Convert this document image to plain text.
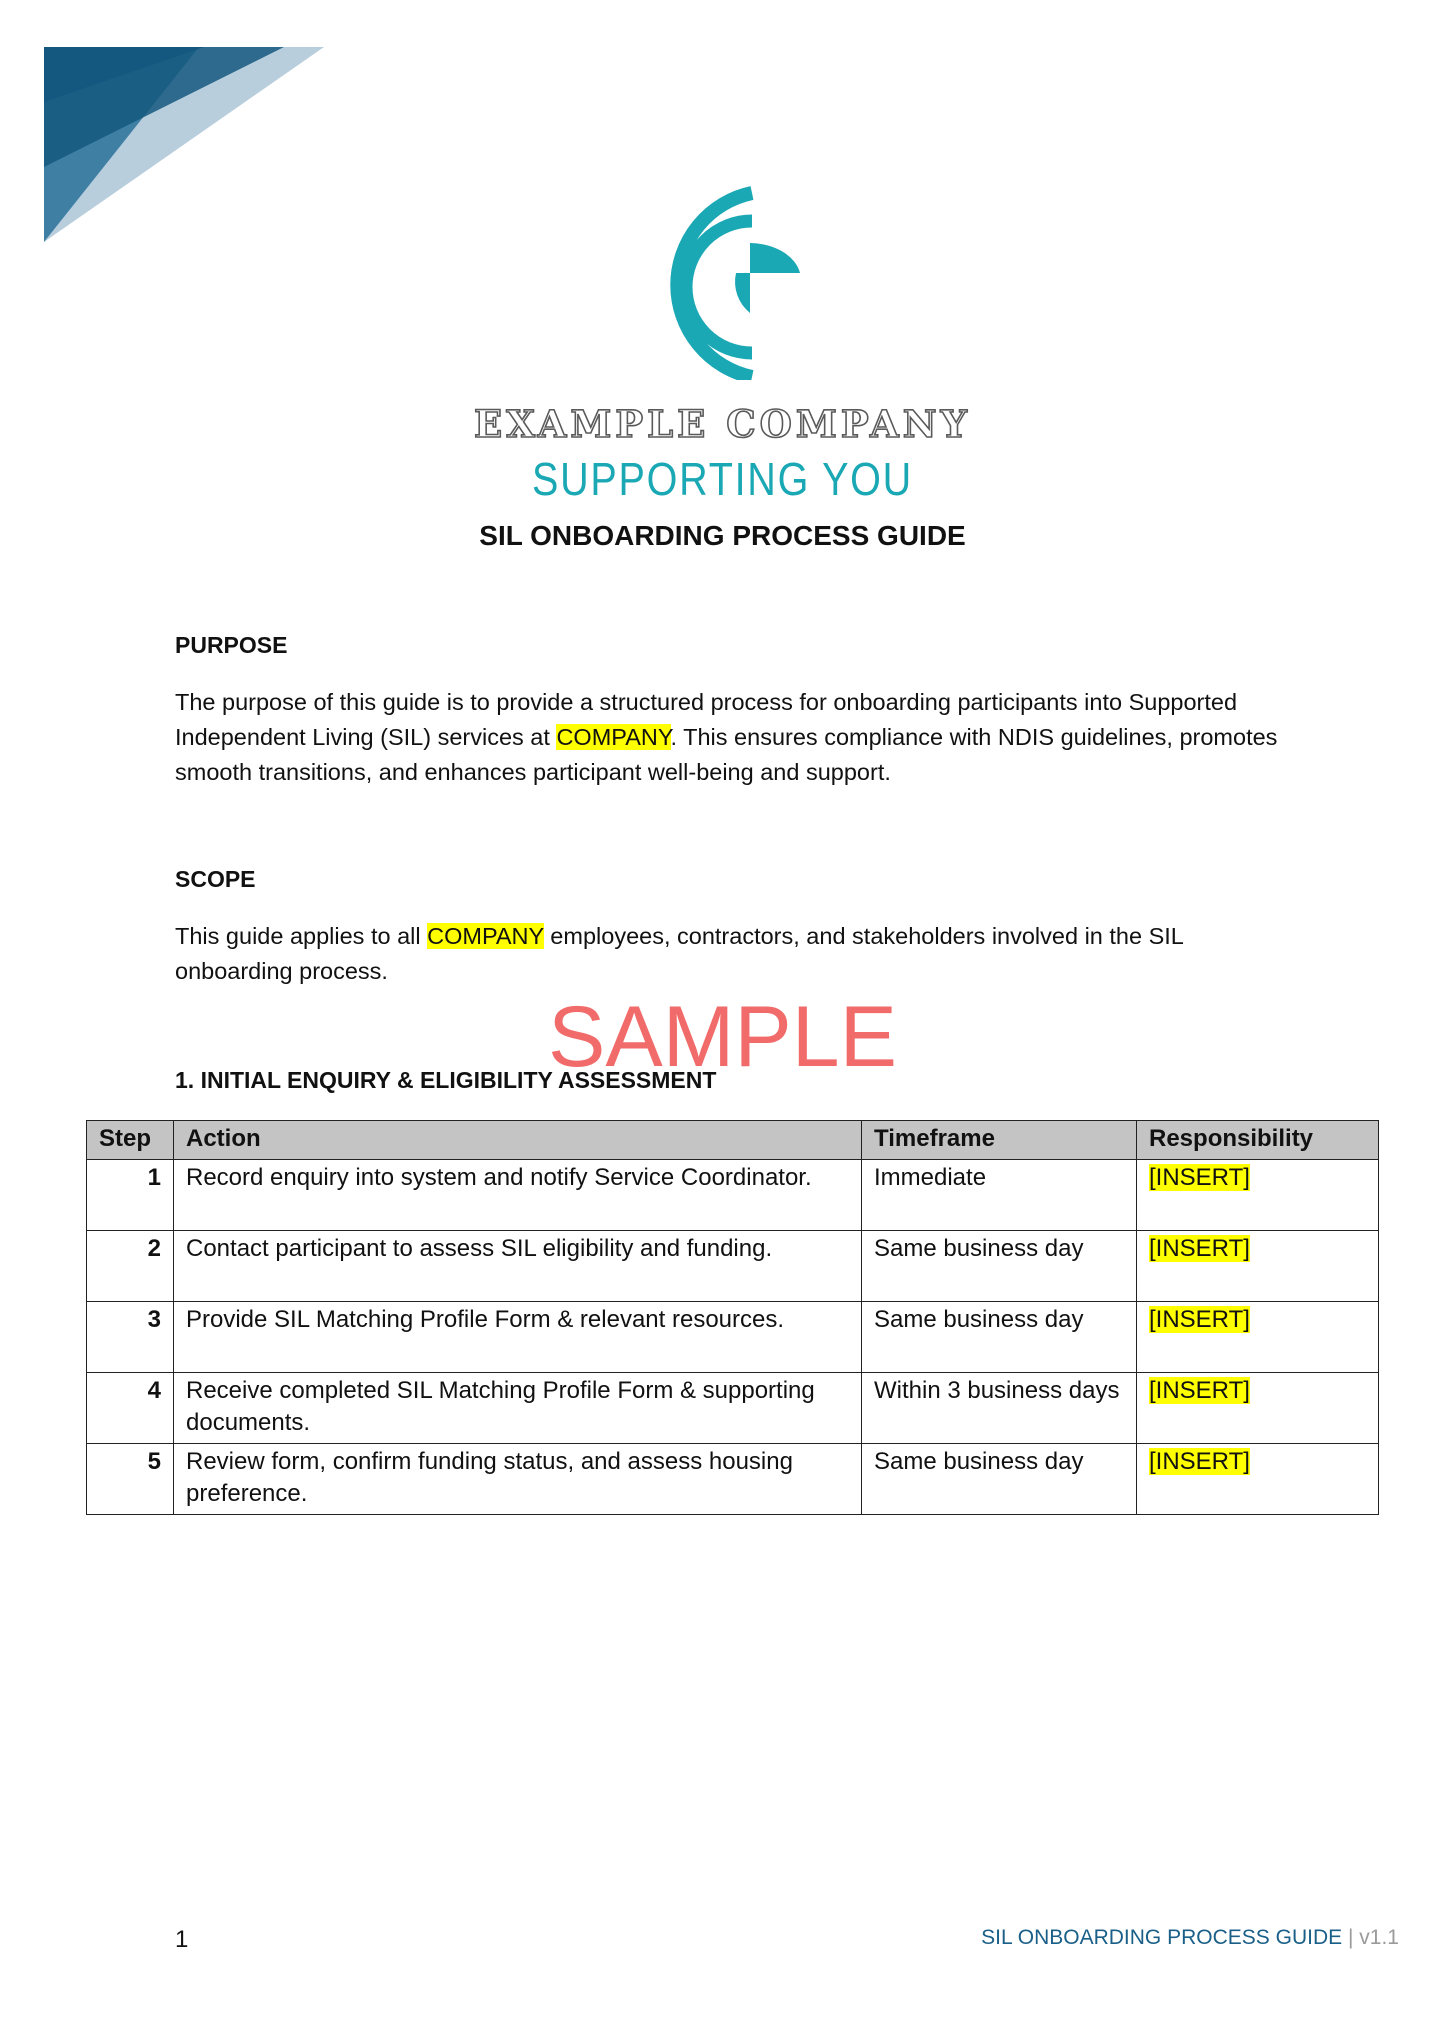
EXAMPLE COMPANY
SUPPORTING YOU
SIL ONBOARDING PROCESS GUIDE
PURPOSE

The purpose of this guide is to provide a structured process for onboarding participants into Supported Independent Living (SIL) services at COMPANY. This ensures compliance with NDIS guidelines, promotes smooth transitions, and enhances participant well-being and support.

SCOPE

This guide applies to all COMPANY employees, contractors, and stakeholders involved in the SIL onboarding process.

SAMPLE
1. INITIAL ENQUIRY & ELIGIBILITY ASSESSMENT
Step	Action	Timeframe	Responsibility
1	Record enquiry into system and notify Service Coordinator.	Immediate	[INSERT]
2	Contact participant to assess SIL eligibility and funding.	Same business day	[INSERT]
3	Provide SIL Matching Profile Form & relevant resources.	Same business day	[INSERT]
4	Receive completed SIL Matching Profile Form & supporting documents.	Within 3 business days	[INSERT]
5	Review form, confirm funding status, and assess housing preference.	Same business day	[INSERT]
1	SIL ONBOARDING PROCESS GUIDE | v1.1
